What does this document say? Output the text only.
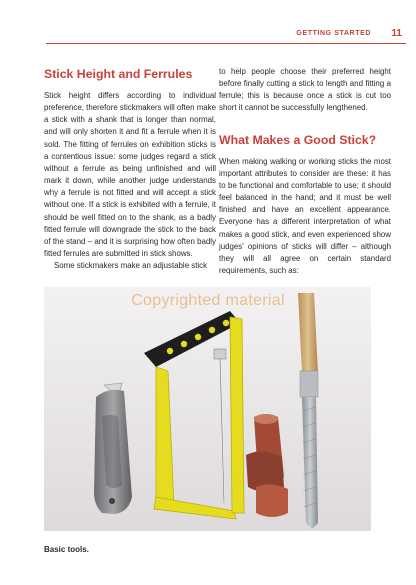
GETTING STARTED 11
Stick Height and Ferrules

Stick height differs according to individual preference, therefore stickmakers will often make a stick with a shank that is longer than normal, and will only shorten it and fit a ferrule when it is sold. The fitting of ferrules on exhibition sticks is a contentious issue: some judges regard a stick without a ferrule as being unfinished and will mark it down, while another judge understands why a ferrule is not fitted and will accept a stick without one. If a stick is exhibited with a ferrule, it should be well fitted on to the shank, as a badly fitted ferrule will downgrade the stick to the back of the stand – and it is surprising how often badly fitted ferrules are submitted in stick shows.

Some stickmakers make an adjustable stick

to help people choose their preferred height before finally cutting a stick to length and fitting a ferrule; this is because once a stick is cut too short it cannot be successfully lengthened.

What Makes a Good Stick?

When making walking or working sticks the most important attributes to consider are these: it has to be functional and comfortable to use; it should feel balanced in the hand; and it must be well finished and have an excellent appearance. Everyone has a different interpretation of what makes a good stick, and even experienced show judges' opinions of sticks will differ – although they will all agree on certain standard requirements, such as:

Copyrighted material
Basic tools.
